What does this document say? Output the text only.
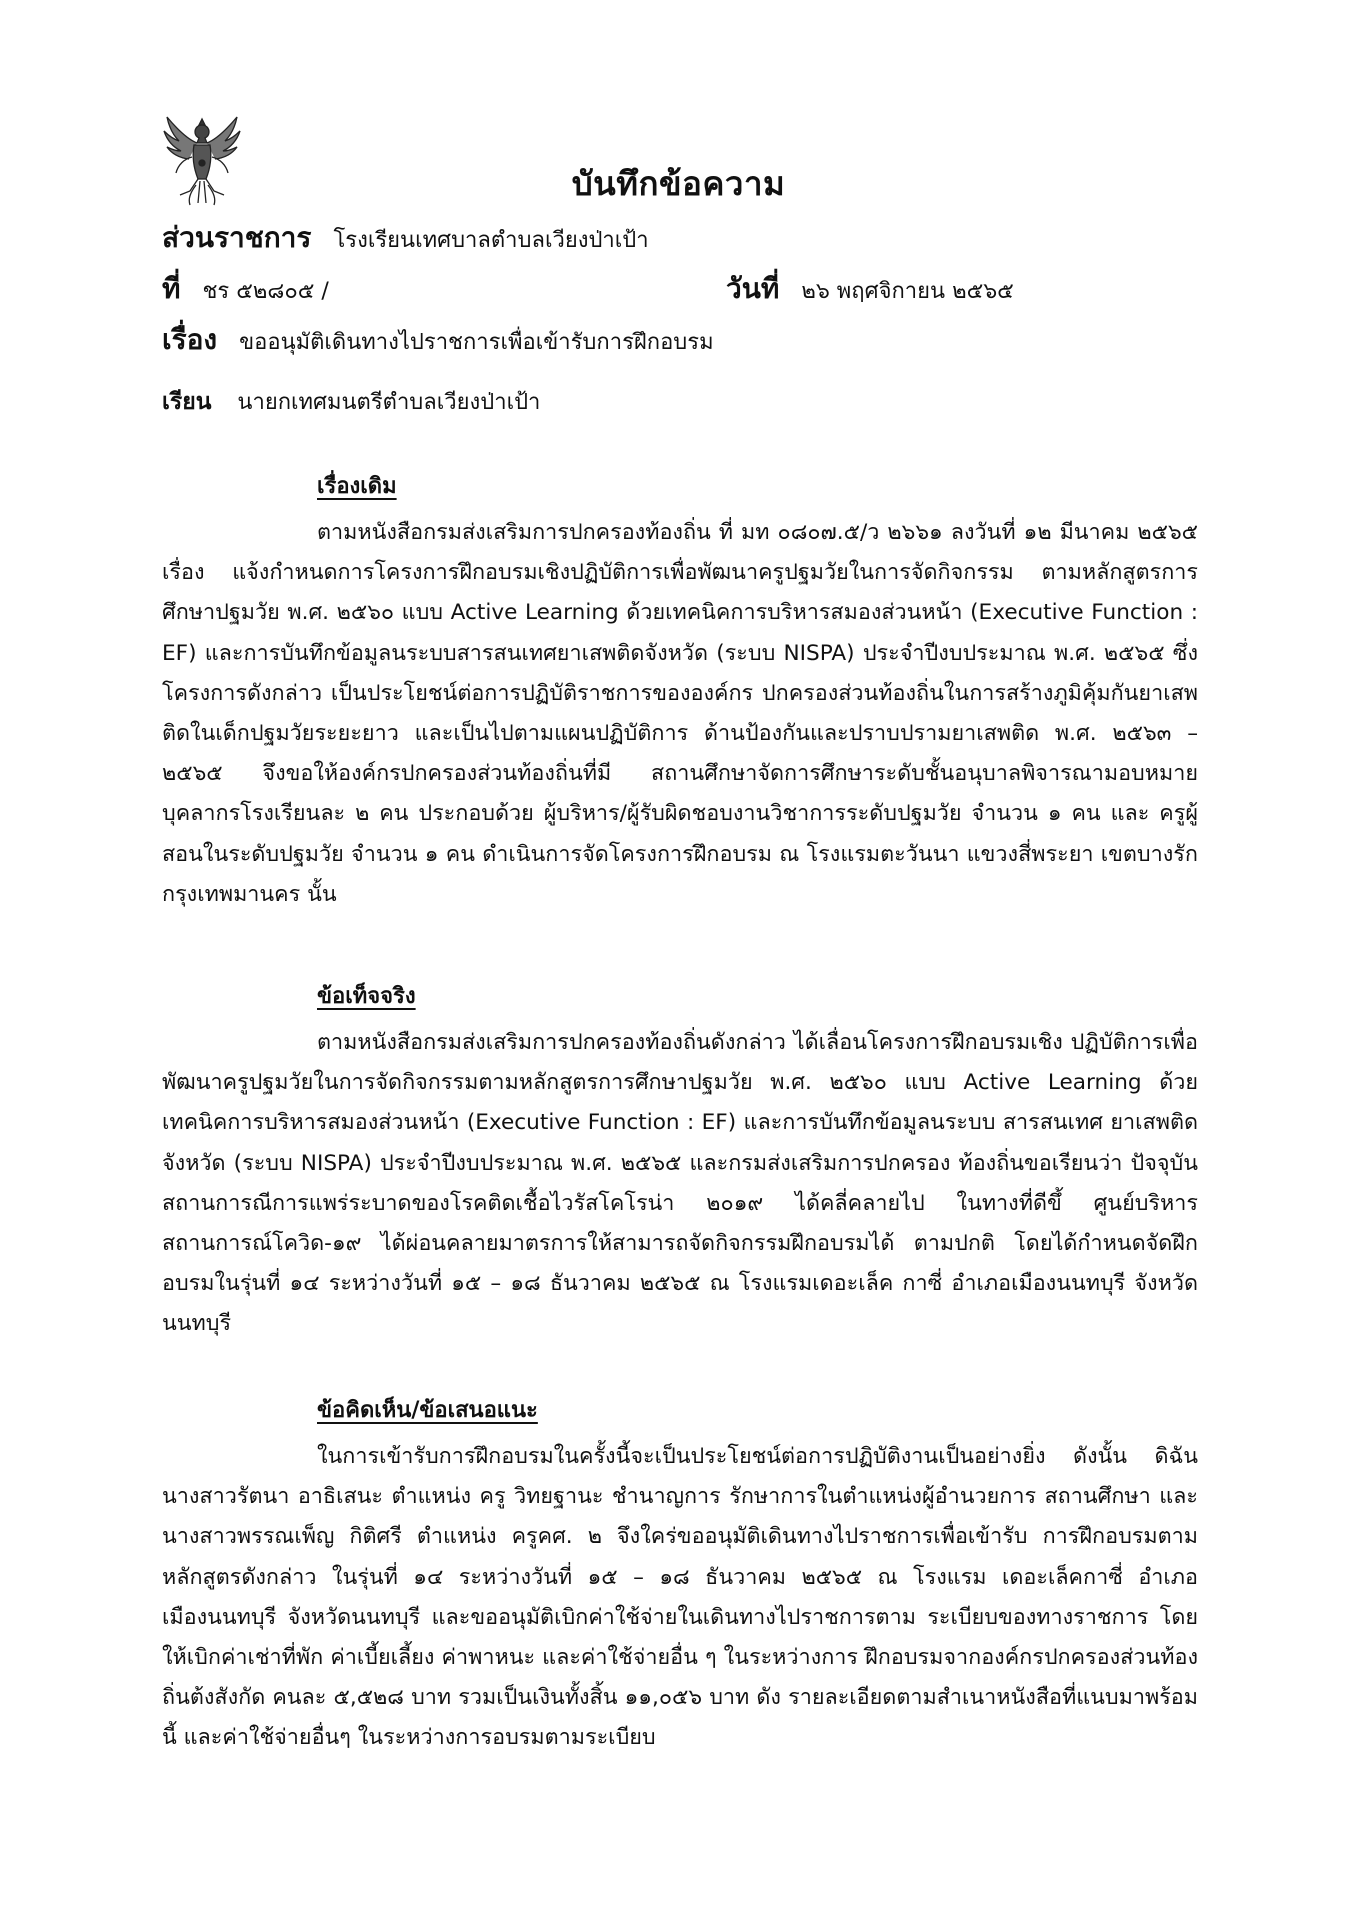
บันทึกข้อความ
ส่วนราชการ โรงเรียนเทศบาลตำบลเวียงป่าเป้า
ที่ ชร ๕๒๘๐๕ /	วันที่ ๒๖ พฤศจิกายน ๒๕๖๕
เรื่อง ขออนุมัติเดินทางไปราชการเพื่อเข้ารับการฝึกอบรม
เรียน นายกเทศมนตรีตำบลเวียงป่าเป้า
เรื่องเดิม

ตามหนังสือกรมส่งเสริมการปกครองท้องถิ่น ที่ มท ๐๘๐๗.๕/ว ๒๖๖๑ ลงวันที่ ๑๒ มีนาคม ๒๕๖๕ เรื่อง แจ้งกำหนดการโครงการฝึกอบรมเชิงปฏิบัติการเพื่อพัฒนาครูปฐมวัยในการจัดกิจกรรม ตามหลักสูตรการศึกษาปฐมวัย พ.ศ. ๒๕๖๐ แบบ Active Learning ด้วยเทคนิคการบริหารสมองส่วนหน้า (Executive Function : EF) และการบันทึกข้อมูลนระบบสารสนเทศยาเสพติดจังหวัด (ระบบ NISPA) ประจำปีงบประมาณ พ.ศ. ๒๕๖๕ ซึ่งโครงการดังกล่าว เป็นประโยชน์ต่อการปฏิบัติราชการขององค์กร ปกครองส่วนท้องถิ่นในการสร้างภูมิคุ้มกันยาเสพติดในเด็กปฐมวัยระยะยาว และเป็นไปตามแผนปฏิบัติการ ด้านป้องกันและปราบปรามยาเสพติด พ.ศ. ๒๕๖๓ – ๒๕๖๕ จึงขอให้องค์กรปกครองส่วนท้องถิ่นที่มี สถานศึกษาจัดการศึกษาระดับชั้นอนุบาลพิจารณามอบหมายบุคลากรโรงเรียนละ ๒ คน ประกอบด้วย ผู้บริหาร/ผู้รับผิดชอบงานวิชาการระดับปฐมวัย จำนวน ๑ คน และ ครูผู้สอนในระดับปฐมวัย จำนวน ๑ คน ดำเนินการจัดโครงการฝึกอบรม ณ โรงแรมตะวันนา แขวงสี่พระยา เขตบางรัก กรุงเทพมานคร นั้น

ข้อเท็จจริง

ตามหนังสือกรมส่งเสริมการปกครองท้องถิ่นดังกล่าว ได้เลื่อนโครงการฝึกอบรมเชิง ปฏิบัติการเพื่อพัฒนาครูปฐมวัยในการจัดกิจกรรมตามหลักสูตรการศึกษาปฐมวัย พ.ศ. ๒๕๖๐ แบบ Active Learning ด้วยเทคนิคการบริหารสมองส่วนหน้า (Executive Function : EF) และการบันทึกข้อมูลนระบบ สารสนเทศ ยาเสพติดจังหวัด (ระบบ NISPA) ประจำปีงบประมาณ พ.ศ. ๒๕๖๕ และกรมส่งเสริมการปกครอง ท้องถิ่นขอเรียนว่า ปัจจุบันสถานการณีการแพร่ระบาดของโรคติดเชื้อไวรัสโคโรน่า ๒๐๑๙ ได้คลี่คลายไป ในทางที่ดีขึ้ ศูนย์บริหารสถานการณ์โควิด-๑๙ ได้ผ่อนคลายมาตรการให้สามารถจัดกิจกรรมฝึกอบรมได้ ตามปกติ โดยได้กำหนดจัดฝึกอบรมในรุ่นที่ ๑๔ ระหว่างวันที่ ๑๕ – ๑๘ ธันวาคม ๒๕๖๕ ณ โรงแรมเดอะเล็ค กาซี่ อำเภอเมืองนนทบุรี จังหวัดนนทบุรี

ข้อคิดเห็น/ข้อเสนอแนะ

ในการเข้ารับการฝึกอบรมในครั้งนี้จะเป็นประโยชน์ต่อการปฏิบัติงานเป็นอย่างยิ่ง ดังนั้น ดิฉัน นางสาวรัตนา อาธิเสนะ ตำแหน่ง ครู วิทยฐานะ ชำนาญการ รักษาการในตำแหน่งผู้อำนวยการ สถานศึกษา และ นางสาวพรรณเพ็ญ กิติศรี ตำแหน่ง ครูคศ. ๒ จึงใคร่ขออนุมัติเดินทางไปราชการเพื่อเข้ารับ การฝึกอบรมตามหลักสูตรดังกล่าว ในรุ่นที่ ๑๔ ระหว่างวันที่ ๑๕ – ๑๘ ธันวาคม ๒๕๖๕ ณ โรงแรม เดอะเล็คกาซี่ อำเภอเมืองนนทบุรี จังหวัดนนทบุรี และขออนุมัติเบิกค่าใช้จ่ายในเดินทางไปราชการตาม ระเบียบของทางราชการ โดยให้เบิกค่าเช่าที่พัก ค่าเบี้ยเลี้ยง ค่าพาหนะ และค่าใช้จ่ายอื่น ๆ ในระหว่างการ ฝึกอบรมจากองค์กรปกครองส่วนท้องถิ่นต้งสังกัด คนละ ๕,๕๒๘ บาท รวมเป็นเงินทั้งสิ้น ๑๑,๐๕๖ บาท ดัง รายละเอียดตามสำเนาหนังสือที่แนบมาพร้อมนี้ และค่าใช้จ่ายอื่นๆ ในระหว่างการอบรมตามระเบียบ
